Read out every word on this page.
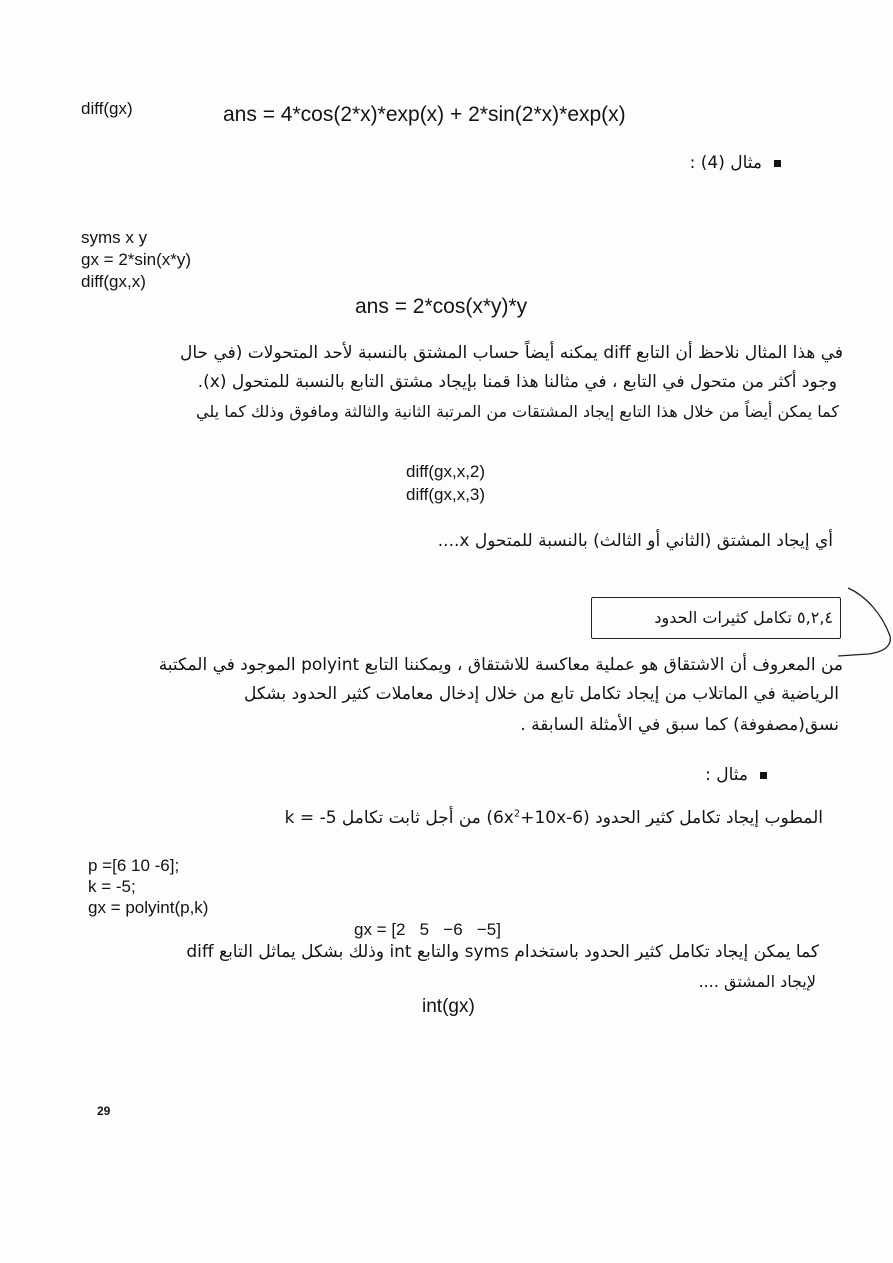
diff(gx)	ans = 4*cos(2*x)*exp(x) + 2*sin(2*x)*exp(x)
مثال (4) :
syms x y
gx = 2*sin(x*y)
diff(gx,x)
ans = 2*cos(x*y)*y
في هذا المثال نلاحظ أن التابع diff يمكنه أيضاً حساب المشتق بالنسبة لأحد المتحولات (في حال
وجود أكثر من متحول في التابع ، في مثالنا هذا قمنا بإيجاد مشتق التابع بالنسبة للمتحول (x).
كما يمكن أيضاً من خلال هذا التابع إيجاد المشتقات من المرتبة الثانية والثالثة ومافوق وذلك كما يلي
diff(gx,x,2)
diff(gx,x,3)
أي إيجاد المشتق (الثاني أو الثالث) بالنسبة للمتحول x....
٥,٢,٤ تكامل كثيرات الحدود
من المعروف أن الاشتقاق هو عملية معاكسة للاشتقاق ، ويمكننا التابع polyint الموجود في المكتبة
الرياضية في الماتلاب من إيجاد تكامل تابع من خلال إدخال معاملات كثير الحدود بشكل
نسق(مصفوفة) كما سبق في الأمثلة السابقة .
مثال :
المطوب إيجاد تكامل كثير الحدود $(6x^2+10x-6)$ من أجل ثابت تكامل k = -5
p =[6 10 -6];
k = -5;
gx = polyint(p,k)
gx = [2   5   −6   −5]
كما يمكن إيجاد تكامل كثير الحدود باستخدام syms والتابع int وذلك بشكل يماثل التابع diff
لإيجاد المشتق ....
int(gx)
29
